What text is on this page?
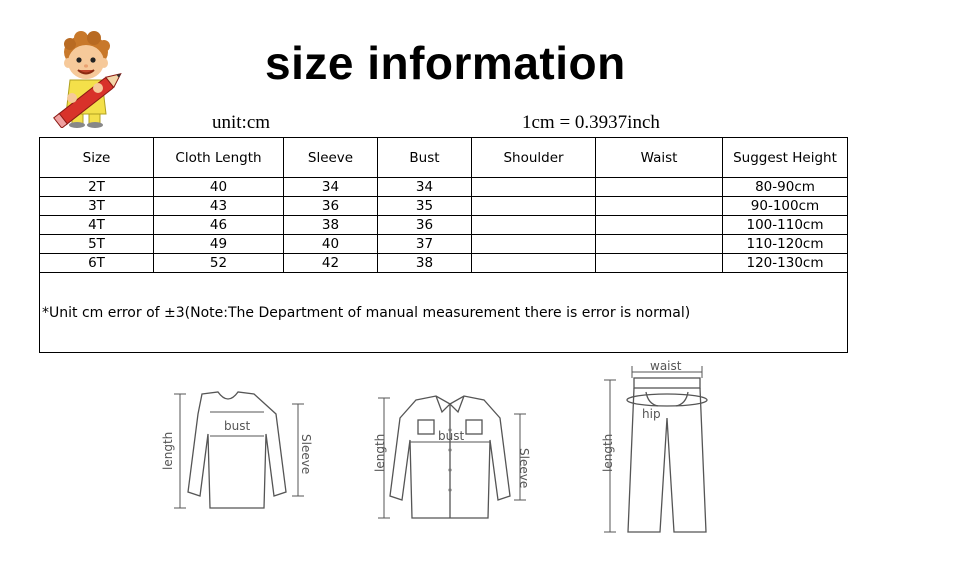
size information
unit:cm	1cm = 0.3937inch
Size	Cloth Length	Sleeve	Bust	Shoulder	Waist	Suggest Height
2T	40	34	34			80-90cm
3T	43	36	35			90-100cm
4T	46	38	36			100-110cm
5T	49	40	37			110-120cm
6T	52	42	38			120-130cm
*Unit cm error of ±3(Note:The Department of manual measurement there is error is normal)						
length
bust
Sleeve	length	bust
Sleeve
waist
hip
length
